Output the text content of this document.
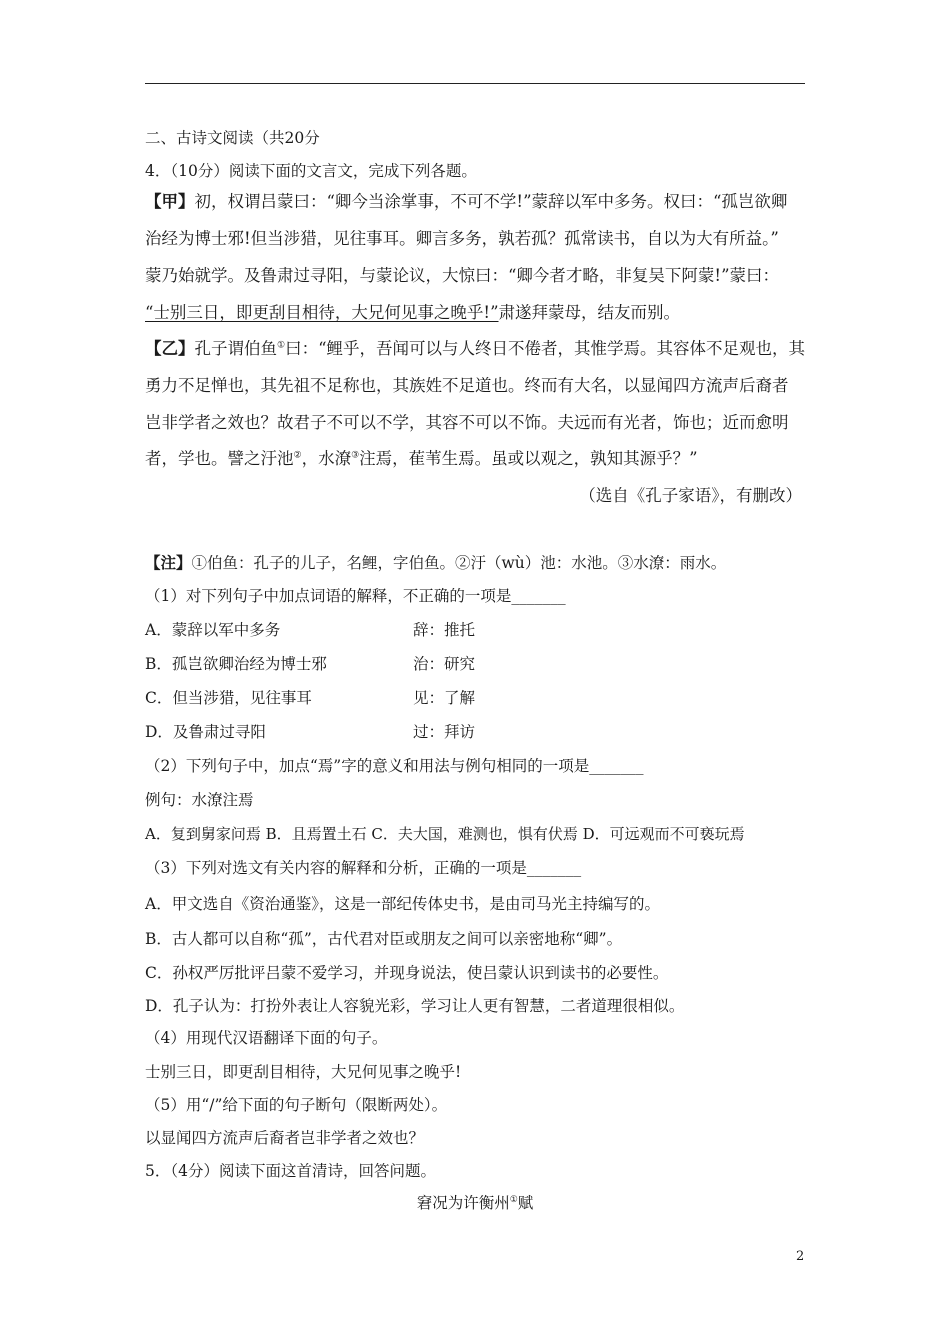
二、古诗文阅读（共20分
4．（10分）阅读下面的文言文，完成下列各题。
【甲】初，权谓吕蒙曰：“卿今当涂掌事，不可不学!”蒙辞以军中多务。权曰：“孤岂欲卿
治经为博士邪!但当涉猎，见往事耳。卿言多务，孰若孤？孤常读书，自以为大有所益。”
蒙乃始就学。及鲁肃过寻阳，与蒙论议，大惊曰：“卿今者才略，非复吴下阿蒙!”蒙曰：
“士别三日，即更刮目相待，大兄何见事之晚乎!”肃遂拜蒙母，结友而别。
【乙】孔子谓伯鱼①曰：“鲤乎，吾闻可以与人终日不倦者，其惟学焉。其容体不足观也，其
勇力不足惮也，其先祖不足称也，其族姓不足道也。终而有大名，以显闻四方流声后裔者
岂非学者之效也？故君子不可以不学，其容不可以不饰。夫远而有光者，饰也；近而愈明
者，学也。譬之汙池②，水潦③注焉，萑苇生焉。虽或以观之，孰知其源乎？”
（选自《孔子家语》，有删改）
【注】①伯鱼：孔子的儿子，名鲤，字伯鱼。②汙（wù）池：水池。③水潦：雨水。
（1）对下列句子中加点词语的解释，不正确的一项是_______
A．蒙辞以军中多务	辞：推托
B．孤岂欲卿治经为博士邪	治：研究
C．但当涉猎，见往事耳	见：了解
D．及鲁肃过寻阳	过：拜访
（2）下列句子中，加点“焉”字的意义和用法与例句相同的一项是_______
例句：水潦注焉
A．复到舅家问焉 B．且焉置土石 C．夫大国，难测也，惧有伏焉 D．可远观而不可亵玩焉
（3）下列对选文有关内容的解释和分析，正确的一项是_______
A．甲文选自《资治通鉴》，这是一部纪传体史书，是由司马光主持编写的。
B．古人都可以自称“孤”，古代君对臣或朋友之间可以亲密地称“卿”。
C．孙权严厉批评吕蒙不爱学习，并现身说法，使吕蒙认识到读书的必要性。
D．孔子认为：打扮外表让人容貌光彩，学习让人更有智慧，二者道理很相似。
（4）用现代汉语翻译下面的句子。
士别三日，即更刮目相待，大兄何见事之晚乎!
（5）用“/”给下面的句子断句（限断两处）。
以显闻四方流声后裔者岂非学者之效也？
5．（4分）阅读下面这首清诗，回答问题。
窘况为许衡州①赋
2
